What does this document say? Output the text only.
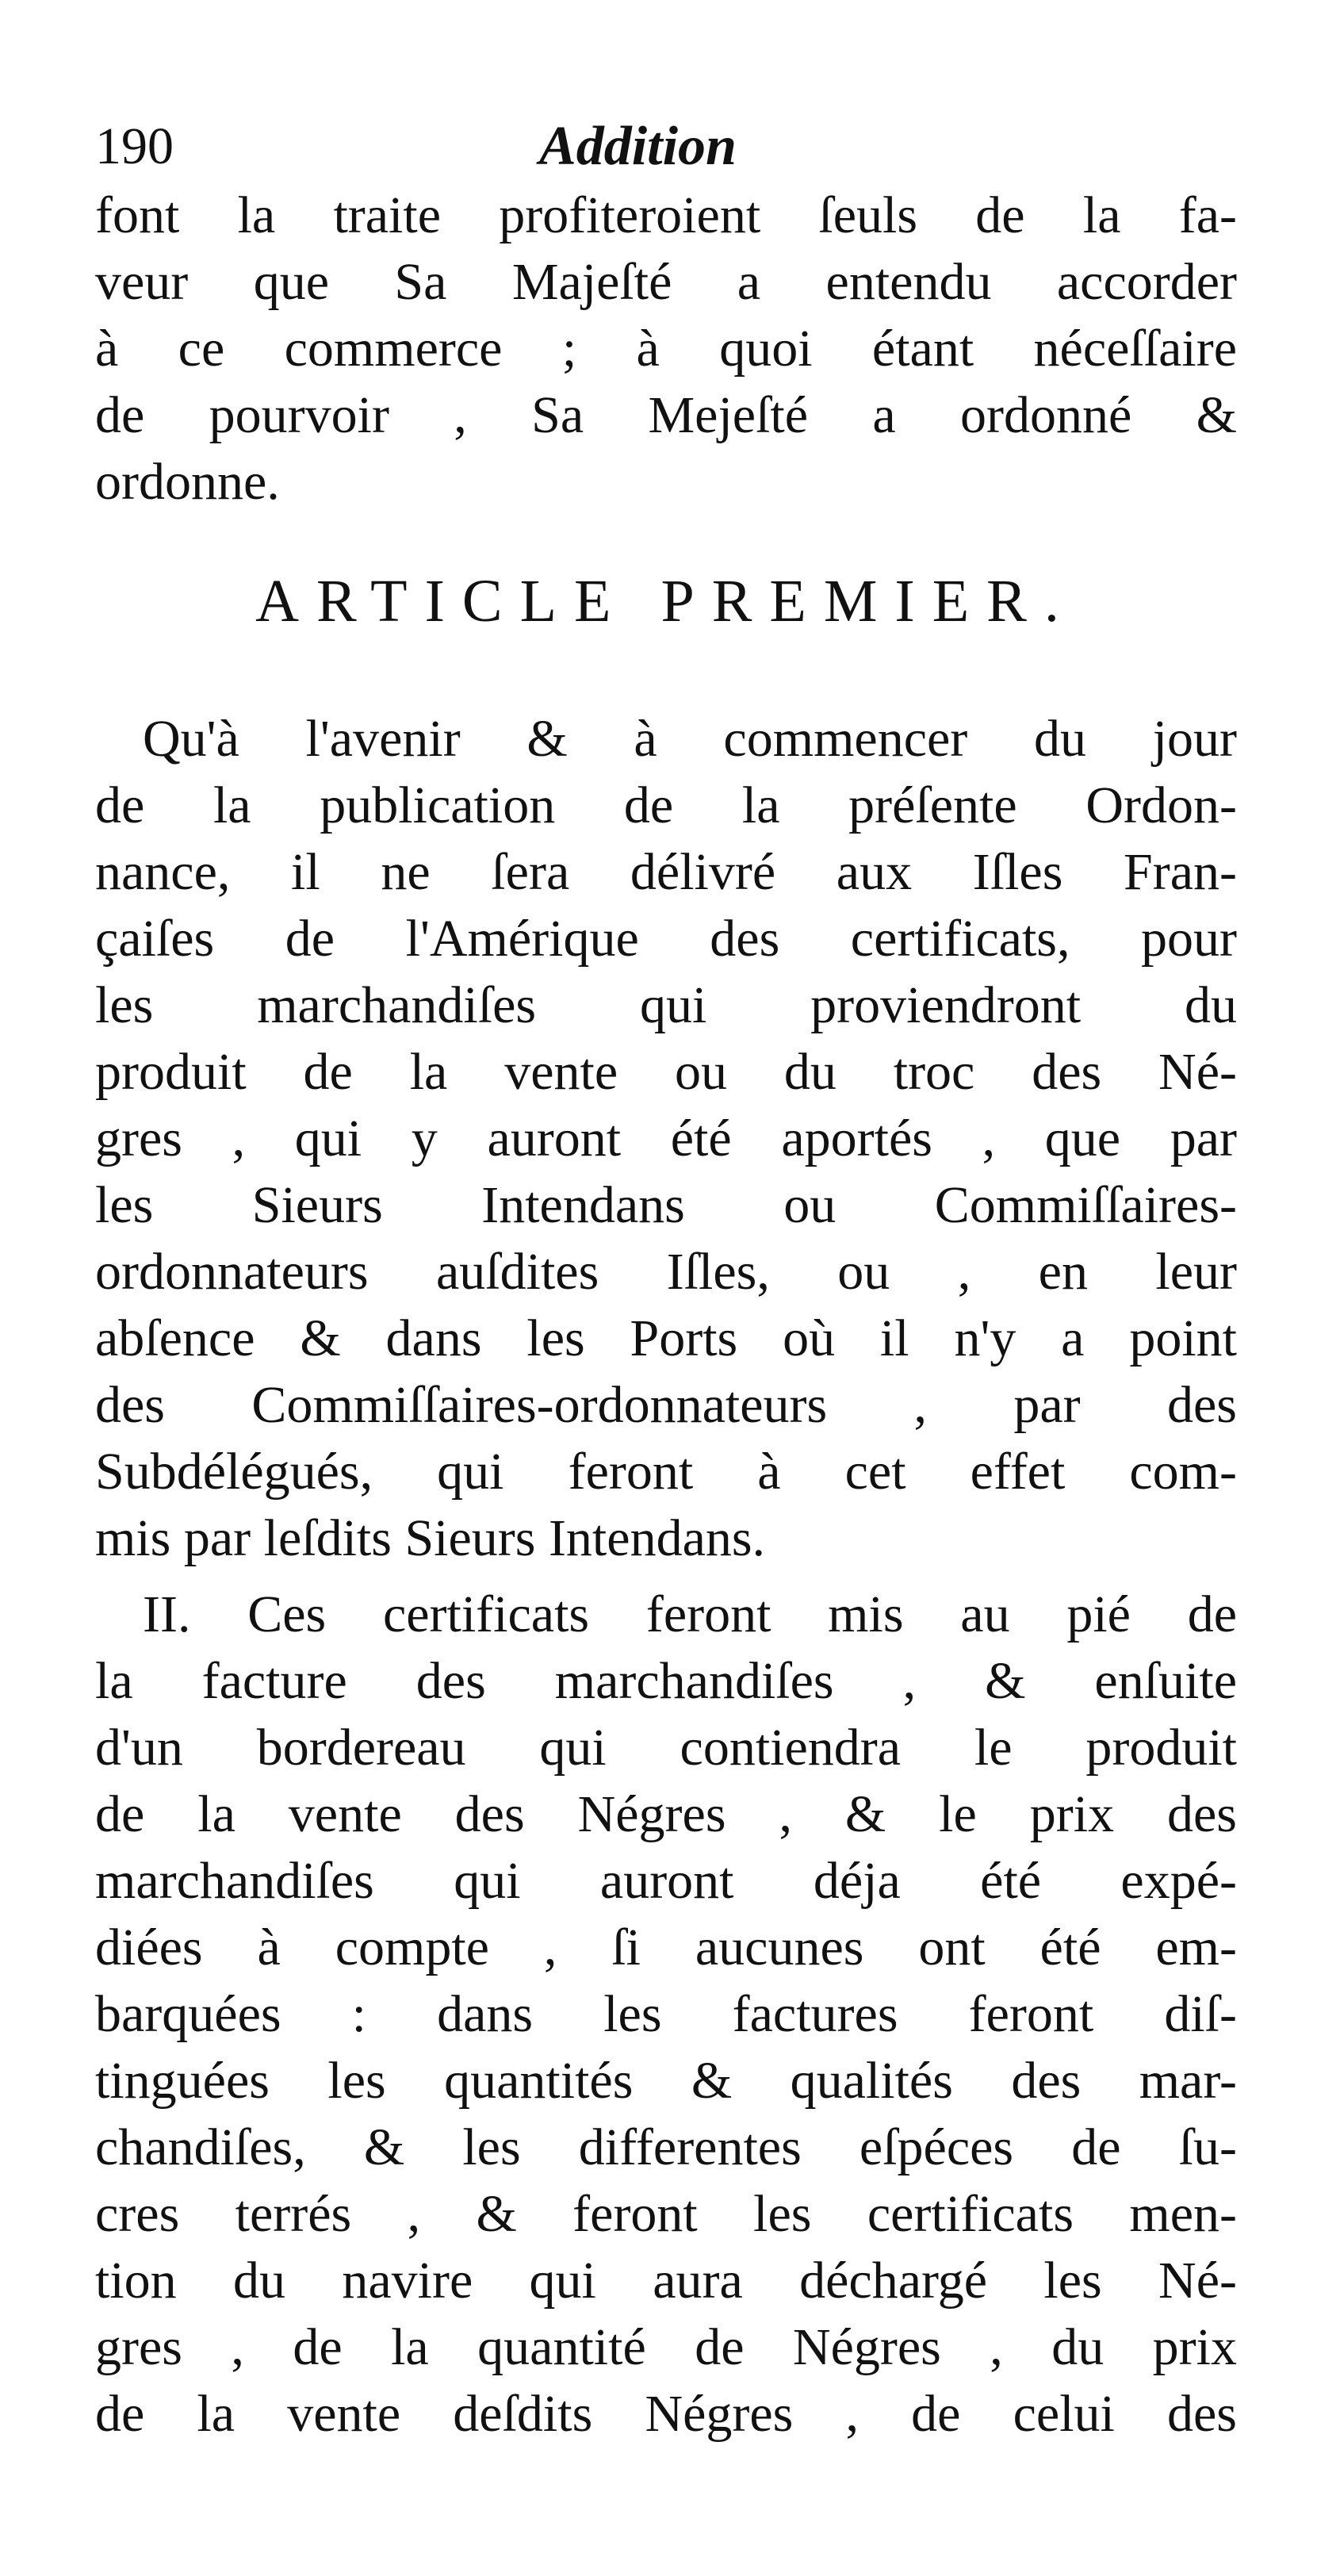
190	Addition
font la traite profiteroient ſeuls de la fa-
veur que Sa Majeſté a entendu accorder
à ce commerce ; à quoi étant néceſſaire
de pourvoir , Sa Mejeſté a ordonné &
ordonne.
ARTICLE PREMIER.
Qu'à l'avenir & à commencer du jour
de la publication de la préſente Ordon-
nance, il ne ſera délivré aux Iſles Fran-
çaiſes de l'Amérique des certificats, pour
les marchandiſes qui proviendront du
produit de la vente ou du troc des Né-
gres , qui y auront été aportés , que par
les Sieurs Intendans ou Commiſſaires-
ordonnateurs auſdites Iſles, ou , en leur
abſence & dans les Ports où il n'y a point
des Commiſſaires-ordonnateurs , par des
Subdélégués, qui feront à cet effet com-
mis par leſdits Sieurs Intendans.
II. Ces certificats feront mis au pié de
la facture des marchandiſes , & enſuite
d'un bordereau qui contiendra le produit
de la vente des Négres , & le prix des
marchandiſes qui auront déja été expé-
diées à compte , ſi aucunes ont été em-
barquées : dans les factures feront diſ-
tinguées les quantités & qualités des mar-
chandiſes, & les differentes eſpéces de ſu-
cres terrés , & feront les certificats men-
tion du navire qui aura déchargé les Né-
gres , de la quantité de Négres , du prix
de la vente deſdits Négres , de celui des
